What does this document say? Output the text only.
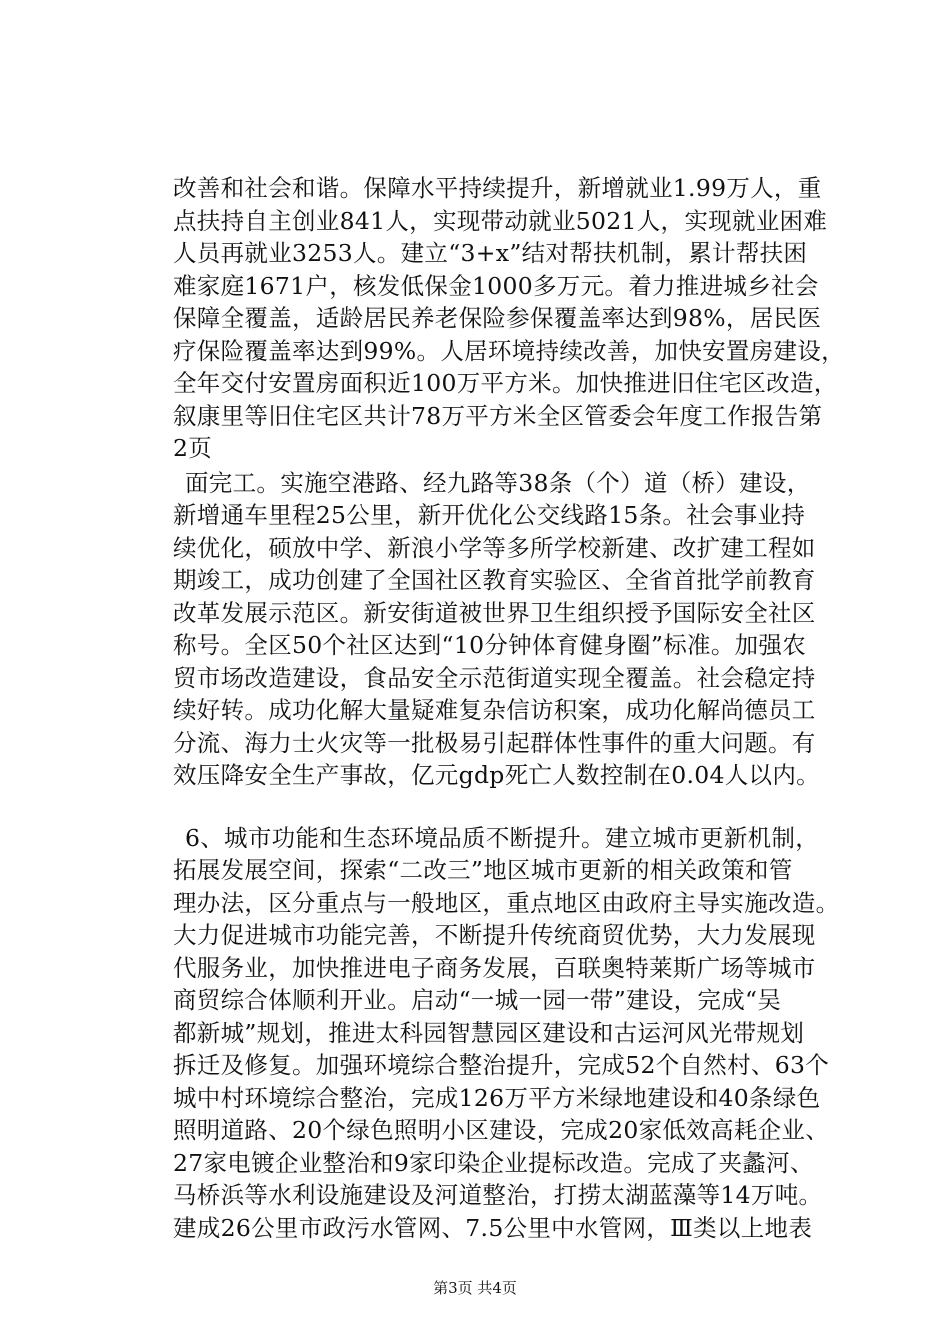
改善和社会和谐。保障水平持续提升，新增就业1.99万人，重
点扶持自主创业841人，实现带动就业5021人，实现就业困难
人员再就业3253人。建立“3+x”结对帮扶机制，累计帮扶困
难家庭1671户，核发低保金1000多万元。着力推进城乡社会
保障全覆盖，适龄居民养老保险参保覆盖率达到98%，居民医
疗保险覆盖率达到99%。人居环境持续改善，加快安置房建设，
全年交付安置房面积近100万平方米。加快推进旧住宅区改造，
叙康里等旧住宅区共计78万平方米全区管委会年度工作报告第
2页
面完工。实施空港路、经九路等38条（个）道（桥）建设，
新增通车里程25公里，新开优化公交线路15条。社会事业持
续优化，硕放中学、新浪小学等多所学校新建、改扩建工程如
期竣工，成功创建了全国社区教育实验区、全省首批学前教育
改革发展示范区。新安街道被世界卫生组织授予国际安全社区
称号。全区50个社区达到“10分钟体育健身圈”标准。加强农
贸市场改造建设，食品安全示范街道实现全覆盖。社会稳定持
续好转。成功化解大量疑难复杂信访积案，成功化解尚德员工
分流、海力士火灾等一批极易引起群体性事件的重大问题。有
效压降安全生产事故，亿元gdp死亡人数控制在0.04人以内。
6、城市功能和生态环境品质不断提升。建立城市更新机制，
拓展发展空间，探索“二改三”地区城市更新的相关政策和管
理办法，区分重点与一般地区，重点地区由政府主导实施改造。
大力促进城市功能完善，不断提升传统商贸优势，大力发展现
代服务业，加快推进电子商务发展，百联奥特莱斯广场等城市
商贸综合体顺利开业。启动“一城一园一带”建设，完成“吴
都新城”规划，推进太科园智慧园区建设和古运河风光带规划
拆迁及修复。加强环境综合整治提升，完成52个自然村、63个
城中村环境综合整治，完成126万平方米绿地建设和40条绿色
照明道路、20个绿色照明小区建设，完成20家低效高耗企业、
27家电镀企业整治和9家印染企业提标改造。完成了夹蠡河、
马桥浜等水利设施建设及河道整治，打捞太湖蓝藻等14万吨。
建成26公里市政污水管网、7.5公里中水管网，Ⅲ类以上地表
第3页 共4页
